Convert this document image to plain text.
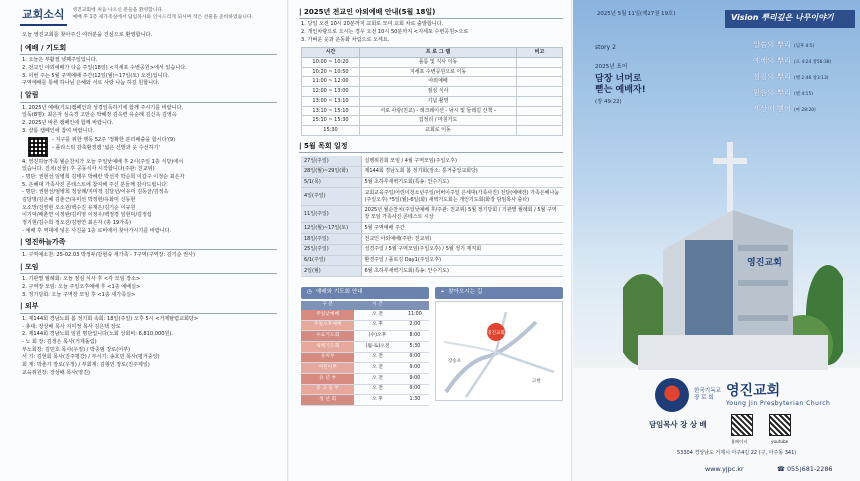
교회소식	영진교회에 처음 나오신 분들을 환영합니다.
예배 후 1층 새가족실에서 담임목사와 인사드리게 되시며 작은 선물을 준비하였습니다.
오늘 영진교회를 찾아주신 여러분을 진심으로 환영합니다.
| 예배 / 기도회
1. 오늘은 부활절 넷째주일입니다.
2. 전교인 야외예배가 다음 주일(18일) <지세포 수변공원>에서 있습니다.
3. 이번 주는 5월 구역예배 주간(12일(월)~17일(토) 오전)입니다.
구역예배를 통해 하나님 은혜와 서로 사랑 나눔 하길 원합니다.
| 알림
1. 2025년 예배(기도)캠페인과 성경일독하기에 함께 주시기를 바랍니다.
일독(8명): 최은자 심숙경 고만순 박혜정 김옥련 유순례 김신옥 김영옥
2. 2025년 바른 캠페인에 함께 바랍니다.
3. 샬롬 캠페인에 참여 바랍니다.
- 지구를 위한 행동 52주 '정확한 분리배출을 합시다'(9)
- 플라스틱 감축환경캠 '넓은 신발과 옷 수선하기'
4. 영진하늘가족 월순찬치가 오늘 주일낮예배 후 2시(주일 1층 식당)에서
있습니다. 진치(선물) 후 공동식사 시작합니다(주관: 친교위)
- 명단: 권현선 임병희 김태우 박혜란 박선자 박순희 이갑구 이정순 최은자
5. 은혜대 가족사진 콘테스트에 참여해 주신 분들께 감사드립니다.
- 명단: 권현선/엄병희 정상례/지미정 김달년/이유미 김동균/김정옥
김달명/김은혜 김춘근/유미선 박정현/유화미 신동현
오소망/진영현 오소원/백수진 유재은/김기순 이규원
이기덕/배춘연 이정완/김미영 이정우/백정경 임현덕/김정섭
정기현/김수희 정오진/김영연 최은자 (총 19가족)
- 예배 후 역대에 넣은 사진을 1층 로비에서 찾아가시기를 바랍니다.
| 영진하늘가족
1. 구역예소천: 25-02.03 박정두/감현숙 세가족 - 7구역(구역장: 김기순 권사)
| 모임
1. 기관별 월례회: 오늘 점심 식사 후 <각 모임 장소>
2. 구역장 모임: 오늘 주일오후예배 후 <1층 예배실>
3. 정기당회: 오늘 구역장 모임 후 <1층 새가족실>
| 외부
1. 제144회 경남노회 봄 정기회 속회: 18일(주일) 오후 5시 <거제탈렴교회당>
- 총대: 장상배 목사 지미정 목사 김은택 장로
2. 제144회 경남노회 임원 명단입니다(노회 상회비: 6,810,000원).
- 노 회 장: 김정은 목사(거제돌림)
부노회장: 김민호 목사(우정) / 박종범 장로(어부)
서 기: 김현회 목사(진주평강) / 부서기: 송호민 목사(평거중앙)
회 계: 박춘기 장로(우정) / 부회계: 김형민 장로(진주제일)
교육위원장: 장상배 목사(영진)
| 2025년 전교인 야외예배 안내(5월 18일)
1. 당일 오전 10시 20분까지 교회로 모여 교회 차로 출발합니다.
2. 개인차량으로 오시는 경우 오전 10시 50분까지 <지세포 수변공원>으로
3. 가벼운 옷과 운동화 차림으로 오세요.
시간	프 로 그 램	비고
10:00 ~ 10:20	플룸 및 식사 이동	
10:20 ~ 10:50	지세포 수변공원으로 이동	
11:00 ~ 12:00	야외예배	
12:00 ~ 13:00	점심 식사	
13:00 ~ 13:10	기념 촬영	
13:10 ~ 15:10	서로 사랑(친교) - 레크레이션 - 낚시 및 둘레길 산책 -	
15:10 ~ 15:30	집정리 / 마침기도	
15:30	교회로 이동	
| 5월 목회 일정
27일(주일)	실행위원회 모임 / 4월 구역모임(주일오후)
28일(월)~29일(화)	제144회 경남노회 봄 정기회(장소: 통거중앙교회당)
5/1(목)	5월 초하루새벽기도회(특송: 안수기도)
4일(주일)	교회교육주일/어린이청소년주일/어버이주일 은세대(가족사진) 전달(예배전) 가족은혜나눔(주일오후) *5일(월)-6일(화) 새벽기도회는 개인기도회(화장 담임목사 출타)
11일(주일)	2025년 월순찬치(주일낮예배 후/주관: 친교위) 5월 정기당회 / 기관별 월례회 / 5월 구역장 모임 가족사진 콘테스트 시상
12일(월)~17일(토)	5월 구역예배 주간
18일(주일)	전교인 야외예배(주관: 친교위)
25일(주일)	성경주일 / 5월 구역모임(주일오후) / 5월 정기 제직회
6/1(주일)	환경주일 / 플로깅 Day1(주일오후)
2일(월)	6월 초하루새벽기도회(특송: 안수기도)
◷ 예배와 기도회 안내
구 분	시 간	
주일낮예배	오 전	11:00
주일오후예배	오 후	2:00
수요기도회	(수)오후	8:00
새벽기도회	(월-토)오전	5:30
유치부	오 전	9:00
어린이부	오 전	9:00
유 년 부	오 전	9:00
중 고 등 부	오 전	9:00
청 년 회	오 후	1:30
⌖ 찾아오시는 길
영진교회
장승포
고현
2025년 5월 11일(제27권 19호)	Vision 뿌리깊은 나무이야기
story 2
2025년 표어
담장 너머로
뻗는 예배자!
(창 49:22)
말씀의 뿌리 (딤후 4:5)
예배의 뿌리 (요 4:24 창56:38)
섬김의 뿌리 (행 2:46 창3:13)
믿음의 뿌리 (벧 4:15)
세상에 뻗어 (마 28:20)
영진교회
한국기독교
장 로 회 영진교회
Young Jin Presbyterian Church
담임목사 장 상 배
홈페이지	youtube
53304 경상남도 거제시 아주4길 22 (구, 아주동 341)
www.yjpc.kr	☎ 055)681-2286
